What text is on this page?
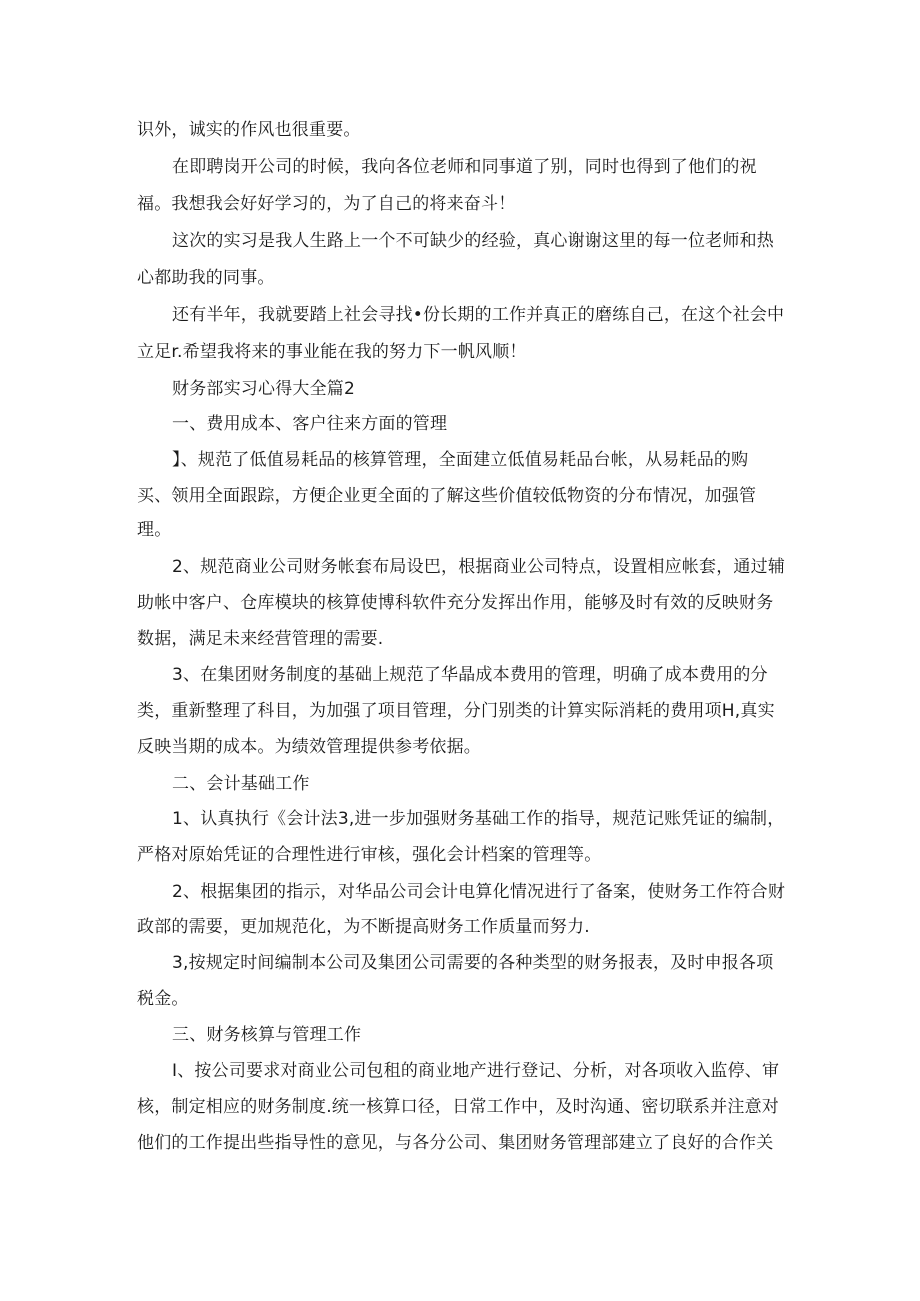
识外，诚实的作风也很重要。
在即聘岗开公司的时候，我向各位老师和同事道了别，同时也得到了他们的祝
福。我想我会好好学习的，为了自己的将来奋斗！
这次的实习是我人生路上一个不可缺少的经验，真心谢谢这里的每一位老师和热
心都助我的同事。
还有半年，我就要踏上社会寻找•份长期的工作并真正的磨练自己，在这个社会中
立足r.希望我将来的事业能在我的努力下一帆风顺！
财务部实习心得大全篇2
一、费用成本、客户往来方面的管理
】、规范了低值易耗品的核算管理，全面建立低值易耗品台帐，从易耗品的购
买、领用全面跟踪，方便企业更全面的了解这些价值较低物资的分布情况，加强管
理。
2、规范商业公司财务帐套布局设巴，根据商业公司特点，设置相应帐套，通过辅
助帐中客户、仓库模块的核算使博科软件充分发挥出作用，能够及时有效的反映财务
数据，满足未来经营管理的需要.
3、在集团财务制度的基础上规范了华晶成本费用的管理，明确了成本费用的分
类，重新整理了科目，为加强了项目管理，分门别类的计算实际消耗的费用项H,真实
反映当期的成本。为绩效管理提供参考依据。
二、会计基础工作
1、认真执行《会计法3,进一步加强财务基础工作的指导，规范记账凭证的编制，
严格对原始凭证的合理性进行审核，强化会计档案的管理等。
2、根据集团的指示，对华品公司会计电算化情况进行了备案，使财务工作符合财
政部的需要，更加规范化，为不断提高财务工作质量而努力.
3,按规定时间编制本公司及集团公司需要的各种类型的财务报表，及时申报各项
税金。
三、财务核算与管理工作
I、按公司要求对商业公司包租的商业地产进行登记、分析，对各项收入监停、审
核，制定相应的财务制度.统一核算口径，日常工作中，及时沟通、密切联系并注意对
他们的工作提出些指导性的意见，与各分公司、集团财务管理部建立了良好的合作关
